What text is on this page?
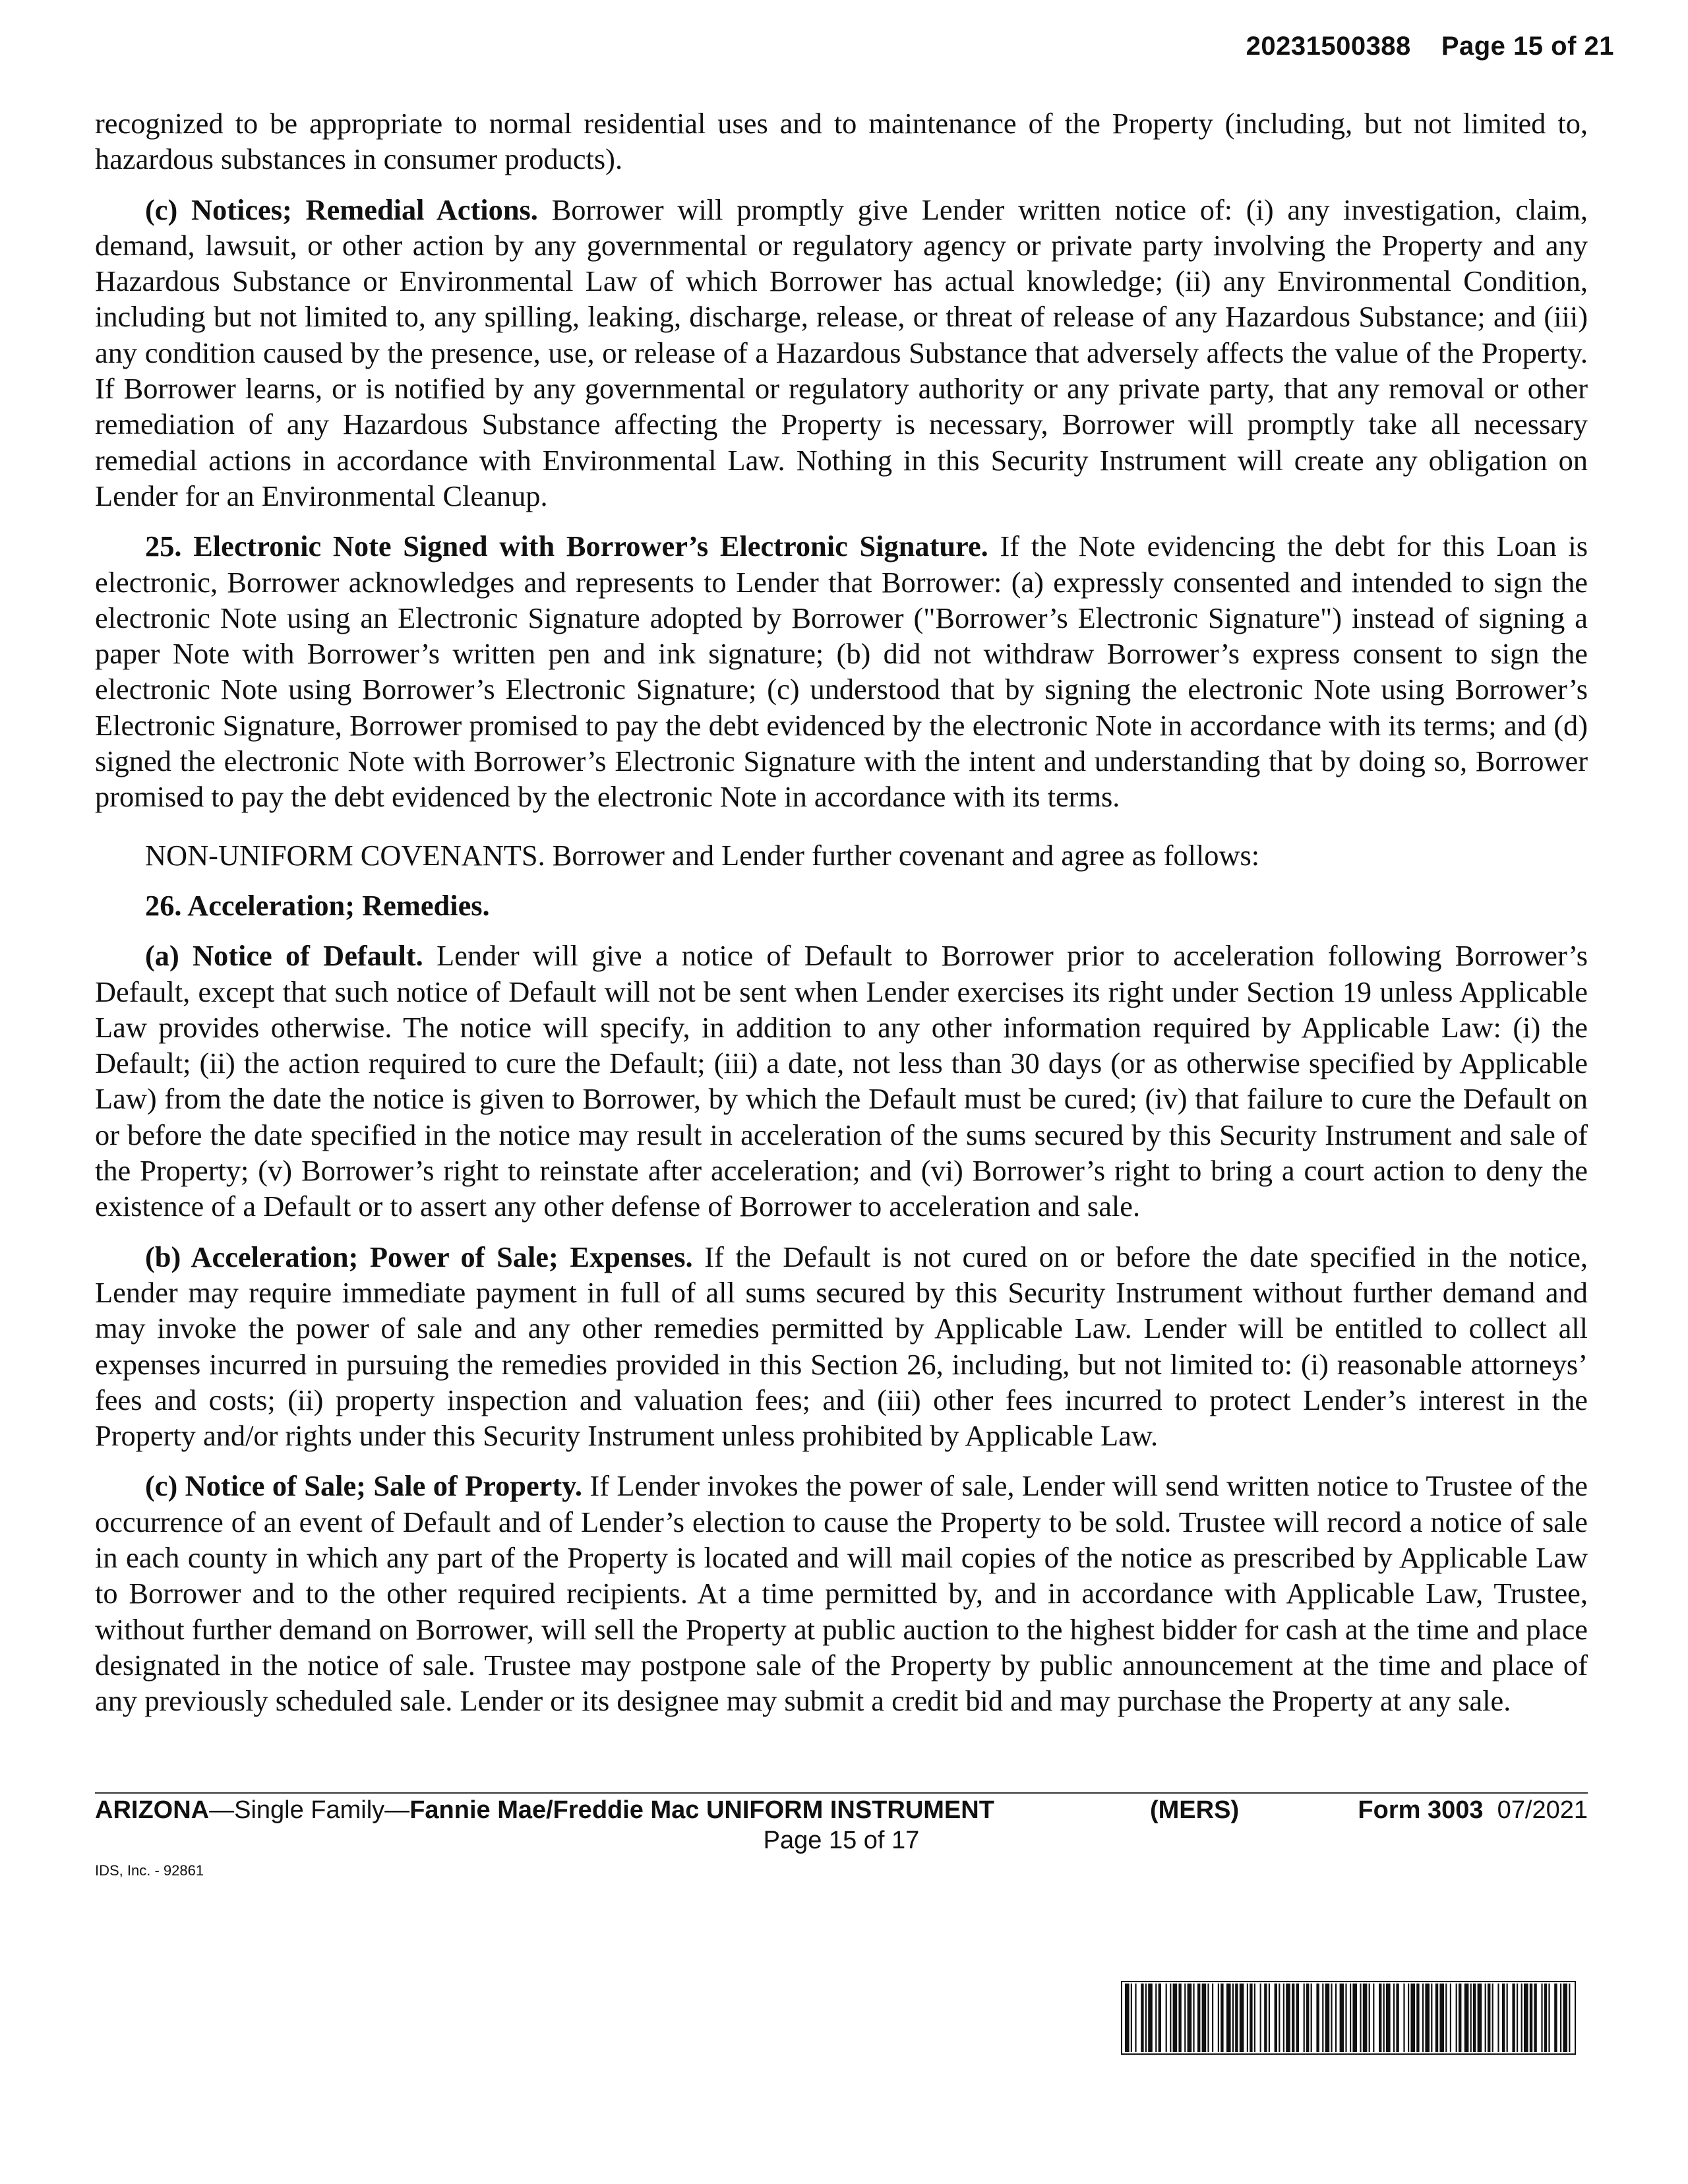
20231500388 Page 15 of 21

recognized to be appropriate to normal residential uses and to maintenance of the Property (including, but not limited to, hazardous substances in consumer products).

(c) Notices; Remedial Actions. Borrower will promptly give Lender written notice of: (i) any investigation, claim, demand, lawsuit, or other action by any governmental or regulatory agency or private party involving the Property and any Hazardous Substance or Environmental Law of which Borrower has actual knowledge; (ii) any Environmental Condition, including but not limited to, any spilling, leaking, discharge, release, or threat of release of any Hazardous Substance; and (iii) any condition caused by the presence, use, or release of a Hazardous Substance that adversely affects the value of the Property. If Borrower learns, or is notified by any governmental or regulatory authority or any private party, that any removal or other remediation of any Hazardous Substance affecting the Property is necessary, Borrower will promptly take all necessary remedial actions in accordance with Environmental Law. Nothing in this Security Instrument will create any obligation on Lender for an Environmental Cleanup.

25. Electronic Note Signed with Borrower’s Electronic Signature. If the Note evidencing the debt for this Loan is electronic, Borrower acknowledges and represents to Lender that Borrower: (a) expressly consented and intended to sign the electronic Note using an Electronic Signature adopted by Borrower ("Borrower’s Electronic Signature") instead of signing a paper Note with Borrower’s written pen and ink signature; (b) did not withdraw Borrower’s express consent to sign the electronic Note using Borrower’s Electronic Signature; (c) understood that by signing the electronic Note using Borrower’s Electronic Signature, Borrower promised to pay the debt evidenced by the electronic Note in accordance with its terms; and (d) signed the electronic Note with Borrower’s Electronic Signature with the intent and understanding that by doing so, Borrower promised to pay the debt evidenced by the electronic Note in accordance with its terms.

NON-UNIFORM COVENANTS. Borrower and Lender further covenant and agree as follows:

26. Acceleration; Remedies.

(a) Notice of Default. Lender will give a notice of Default to Borrower prior to acceleration following Borrower’s Default, except that such notice of Default will not be sent when Lender exercises its right under Section 19 unless Applicable Law provides otherwise. The notice will specify, in addition to any other information required by Applicable Law: (i) the Default; (ii) the action required to cure the Default; (iii) a date, not less than 30 days (or as otherwise specified by Applicable Law) from the date the notice is given to Borrower, by which the Default must be cured; (iv) that failure to cure the Default on or before the date specified in the notice may result in acceleration of the sums secured by this Security Instrument and sale of the Property; (v) Borrower’s right to reinstate after acceleration; and (vi) Borrower’s right to bring a court action to deny the existence of a Default or to assert any other defense of Borrower to acceleration and sale.

(b) Acceleration; Power of Sale; Expenses. If the Default is not cured on or before the date specified in the notice, Lender may require immediate payment in full of all sums secured by this Security Instrument without further demand and may invoke the power of sale and any other remedies permitted by Applicable Law. Lender will be entitled to collect all expenses incurred in pursuing the remedies provided in this Section 26, including, but not limited to: (i) reasonable attorneys’ fees and costs; (ii) property inspection and valuation fees; and (iii) other fees incurred to protect Lender’s interest in the Property and/or rights under this Security Instrument unless prohibited by Applicable Law.

(c) Notice of Sale; Sale of Property. If Lender invokes the power of sale, Lender will send written notice to Trustee of the occurrence of an event of Default and of Lender’s election to cause the Property to be sold. Trustee will record a notice of sale in each county in which any part of the Property is located and will mail copies of the notice as prescribed by Applicable Law to Borrower and to the other required recipients. At a time permitted by, and in accordance with Applicable Law, Trustee, without further demand on Borrower, will sell the Property at public auction to the highest bidder for cash at the time and place designated in the notice of sale. Trustee may postpone sale of the Property by public announcement at the time and place of any previously scheduled sale. Lender or its designee may submit a credit bid and may purchase the Property at any sale.

ARIZONA—Single Family—Fannie Mae/Freddie Mac UNIFORM INSTRUMENT	(MERS)	Form 3003 07/2021
Page 15 of 17
IDS, Inc. - 92861
